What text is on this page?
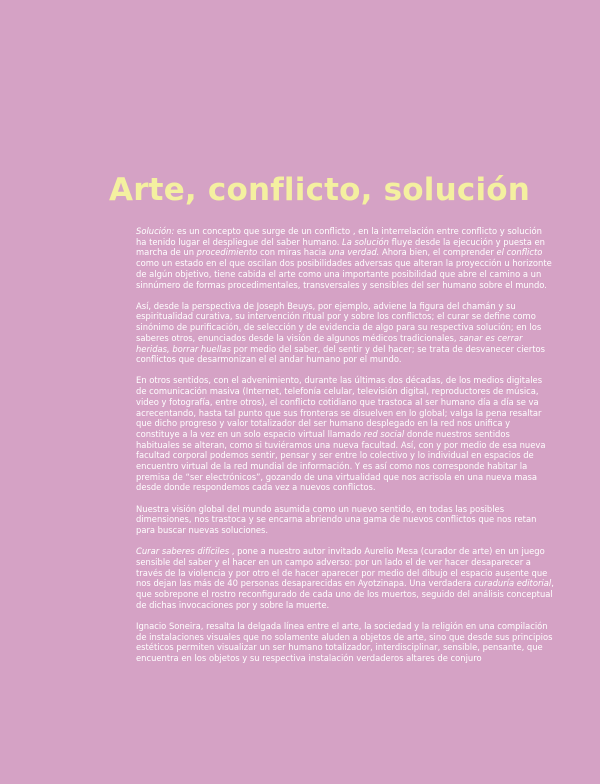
Arte, conflicto, solución

Solución: es un concepto que surge de un conflicto , en la interrelación entre conflicto y solución ha tenido lugar el despliegue del saber humano. La solución fluye desde la ejecución y puesta en marcha de un procedimiento con miras hacia una verdad. Ahora bien, el comprender el conflicto como un estado en el que oscilan dos posibilidades adversas que alteran la proyección u horizonte de algún objetivo, tiene cabida el arte como una importante posibilidad que abre el camino a un sinnúmero de formas procedimentales, transversales y sensibles del ser humano sobre el mundo.

Así, desde la perspectiva de Joseph Beuys, por ejemplo, adviene la figura del chamán y su espiritualidad curativa, su intervención ritual por y sobre los conflictos; el curar se define como sinónimo de purificación, de selección y de evidencia de algo para su respectiva solución; en los saberes otros, enunciados desde la visión de algunos médicos tradicionales, sanar es cerrar heridas, borrar huellas por medio del saber, del sentir y del hacer; se trata de desvanecer ciertos conflictos que desarmonizan el el andar humano por el mundo.

En otros sentidos, con el advenimiento, durante las últimas dos décadas, de los medios digitales de comunicación masiva (Internet, telefonía celular, televisión digital, reproductores de música, video y fotografía, entre otros), el conflicto cotidiano que trastoca al ser humano día a día se va acrecentando, hasta tal punto que sus fronteras se disuelven en lo global; valga la pena resaltar que dicho progreso y valor totalizador del ser humano desplegado en la red nos unifica y constituye a la vez en un solo espacio virtual llamado red social donde nuestros sentidos habituales se alteran, como si tuviéramos una nueva facultad. Así, con y por medio de esa nueva facultad corporal podemos sentir, pensar y ser entre lo colectivo y lo individual en espacios de encuentro virtual de la red mundial de información. Y es así como nos corresponde habitar la premisa de “ser electrónicos”, gozando de una virtualidad que nos acrisola en una nueva masa desde donde respondemos cada vez a nuevos conflictos.

Nuestra visión global del mundo asumida como un nuevo sentido, en todas las posibles dimensiones, nos trastoca y se encarna abriendo una gama de nuevos conflictos que nos retan para buscar nuevas soluciones.

Curar saberes difíciles , pone a nuestro autor invitado Aurelio Mesa (curador de arte) en un juego sensible del saber y el hacer en un campo adverso: por un lado el de ver hacer desaparecer a través de la violencia y por otro el de hacer aparecer por medio del dibujo el espacio ausente que nos dejan las más de 40 personas desaparecidas en Ayotzinapa. Una verdadera curaduría editorial, que sobrepone el rostro reconfigurado de cada uno de los muertos, seguido del análisis conceptual de dichas invocaciones por y sobre la muerte.

Ignacio Soneira, resalta la delgada línea entre el arte, la sociedad y la religión en una compilación de instalaciones visuales que no solamente aluden a objetos de arte, sino que desde sus principios estéticos permiten visualizar un ser humano totalizador, interdisciplinar, sensible, pensante, que encuentra en los objetos y su respectiva instalación verdaderos altares de conjuro
